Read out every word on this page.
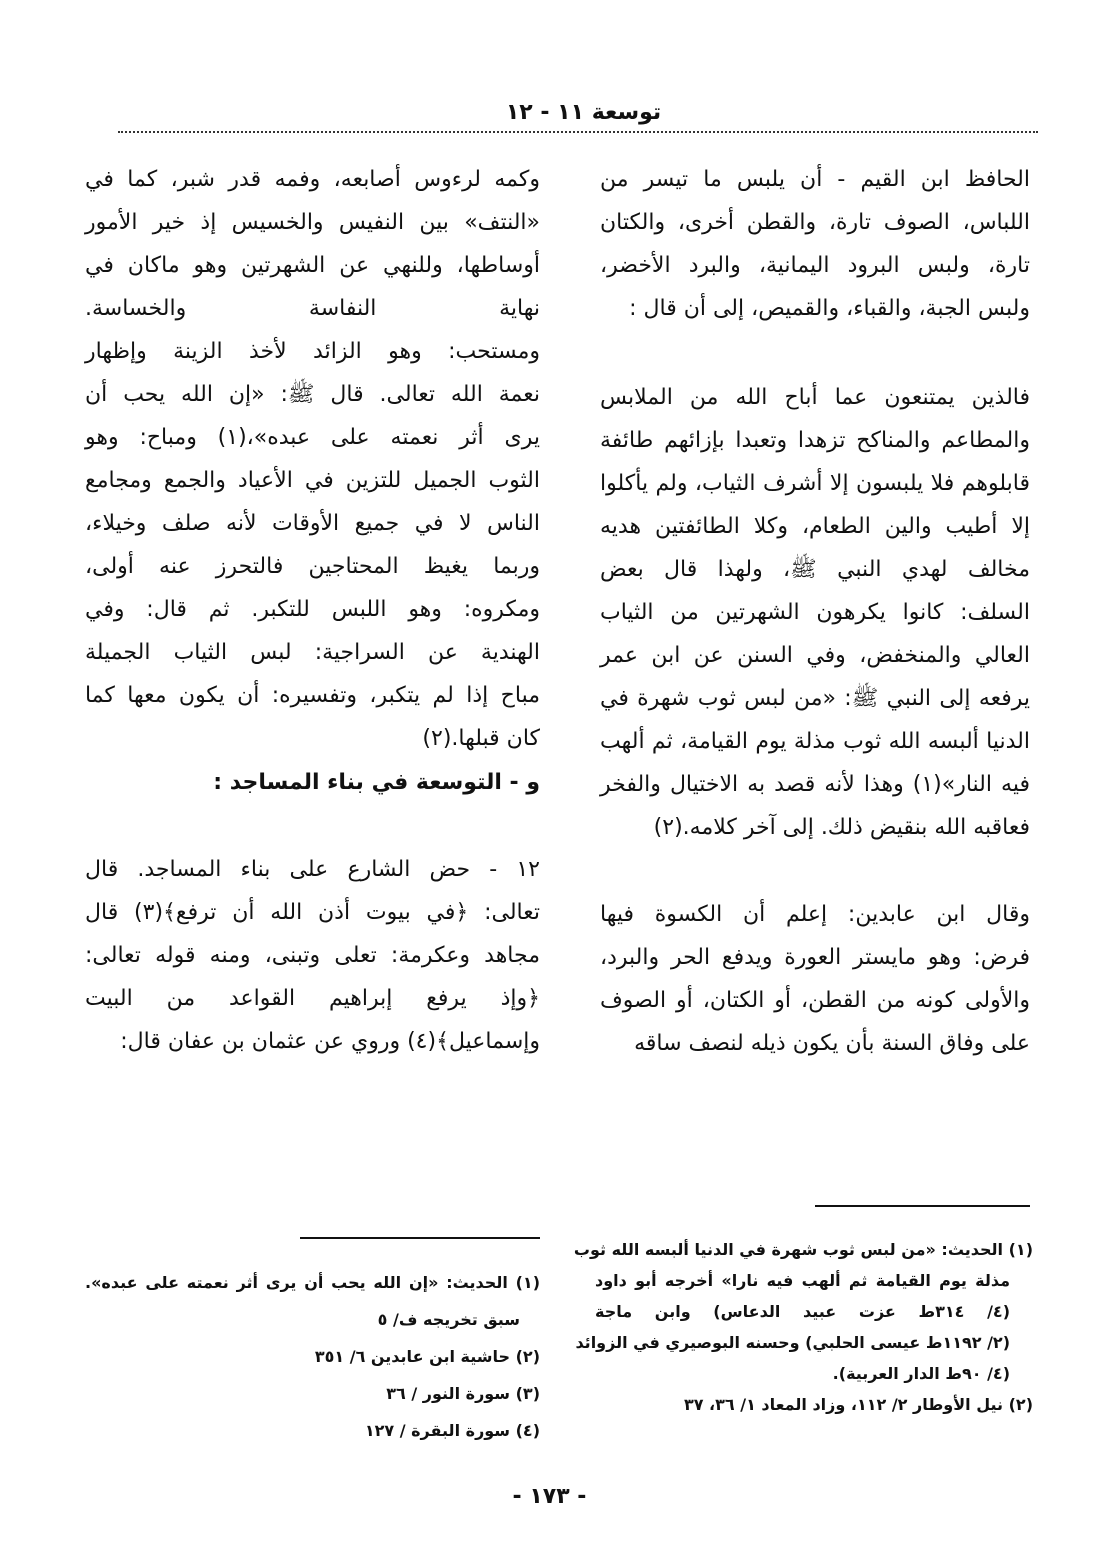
توسعة ١١ - ١٢
الحافظ ابن القيم - أن يلبس ما تيسر من
اللباس، الصوف تارة، والقطن أخرى، والكتان
تارة، ولبس البرود اليمانية، والبرد الأخضر،
ولبس الجبة، والقباء، والقميص، إلى أن قال :
فالذين يمتنعون عما أباح الله من الملابس
والمطاعم والمناكح تزهدا وتعبدا بإزائهم طائفة
قابلوهم فلا يلبسون إلا أشرف الثياب، ولم يأكلوا
إلا أطيب والين الطعام، وكلا الطائفتين هديه
مخالف لهدي النبي ﷺ، ولهذا قال بعض
السلف: كانوا يكرهون الشهرتين من الثياب
العالي والمنخفض، وفي السنن عن ابن عمر
يرفعه إلى النبي ﷺ: «من لبس ثوب شهرة في
الدنيا ألبسه الله ثوب مذلة يوم القيامة، ثم ألهب
فيه النار»(١) وهذا لأنه قصد به الاختيال والفخر
فعاقبه الله بنقيض ذلك. إلى آخر كلامه.(٢)
وقال ابن عابدين: إعلم أن الكسوة فيها
فرض: وهو مايستر العورة ويدفع الحر والبرد،
والأولى كونه من القطن، أو الكتان، أو الصوف
على وفاق السنة بأن يكون ذيله لنصف ساقه
وكمه لرءوس أصابعه، وفمه قدر شبر، كما في
«النتف» بين النفيس والخسيس إذ خير الأمور
أوساطها، وللنهي عن الشهرتين وهو ماكان في
نهاية النفاسة والخساسة.
ومستحب: وهو الزائد لأخذ الزينة وإظهار
نعمة الله تعالى. قال ﷺ: «إن الله يحب أن
يرى أثر نعمته على عبده»،(١) ومباح: وهو
الثوب الجميل للتزين في الأعياد والجمع ومجامع
الناس لا في جميع الأوقات لأنه صلف وخيلاء،
وربما يغيظ المحتاجين فالتحرز عنه أولى،
ومكروه: وهو اللبس للتكبر. ثم قال: وفي
الهندية عن السراجية: لبس الثياب الجميلة
مباح إذا لم يتكبر، وتفسيره: أن يكون معها كما
كان قبلها.(٢)
و - التوسعة في بناء المساجد :
١٢ - حض الشارع على بناء المساجد. قال
تعالى: ﴿في بيوت أذن الله أن ترفع﴾(٣) قال
مجاهد وعكرمة: تعلى وتبنى، ومنه قوله تعالى:
﴿وإذ يرفع إبراهيم القواعد من البيت
وإسماعيل﴾(٤) وروي عن عثمان بن عفان قال:
(١) الحديث: «من لبس ثوب شهرة في الدنيا ألبسه الله ثوب
مذلة يوم القيامة ثم ألهب فيه نارا» أخرجه أبو داود
(٤/ ٣١٤ط عزت عبيد الدعاس) وابن ماجة
(٢/ ١١٩٢ط عيسى الحلبي) وحسنه البوصيري في الزوائد
(٤/ ٩٠ط الدار العربية).
(٢) نيل الأوطار ٢/ ١١٢، وزاد المعاد ١/ ٣٦، ٣٧
(١) الحديث: «إن الله يحب أن يرى أثر نعمته على عبده».
سبق تخريجه ف/ ٥
(٢) حاشية ابن عابدين ٦/ ٣٥١
(٣) سورة النور / ٣٦
(٤) سورة البقرة / ١٢٧
- ١٧٣ -
